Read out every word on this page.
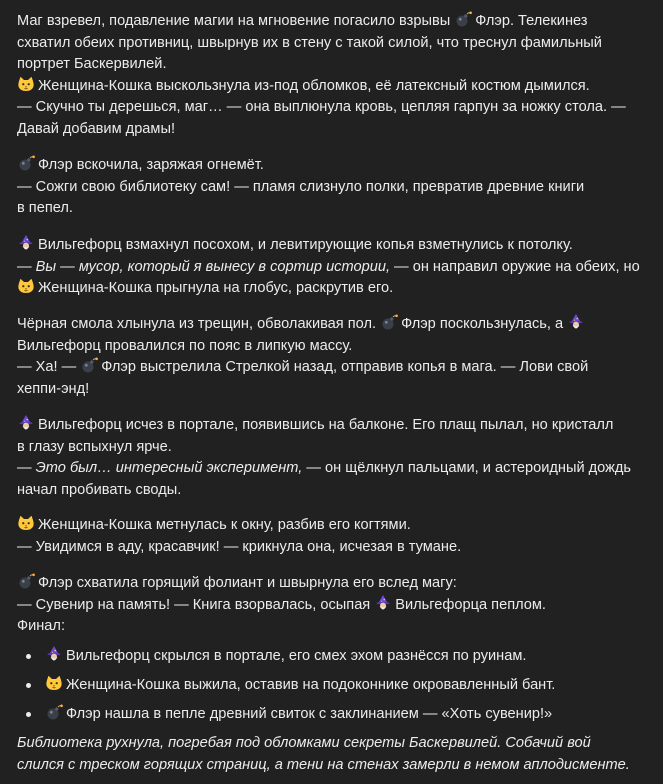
Маг взревел, подавление магии на мгновение погасило взрывы Флэр. Телекинез
схватил обеих противниц, швырнув их в стену с такой силой, что треснул фамильный
портрет Баскервилей.
Женщина-Кошка выскользнула из-под обломков, её латексный костюм дымился.
— Скучно ты дерешься, маг… — она выплюнула кровь, цепляя гарпун за ножку стола. —
Давай добавим драмы!
Флэр вскочила, заряжая огнемёт.
— Сожги свою библиотеку сам! — пламя слизнуло полки, превратив древние книги
в пепел.
Вильгефорц взмахнул посохом, и левитирующие копья взметнулись к потолку.
— Вы — мусор, который я вынесу в сортир истории, — он направил оружие на обеих, но
Женщина-Кошка прыгнула на глобус, раскрутив его.
Чёрная смола хлынула из трещин, обволакивая пол. Флэр поскользнулась, а
Вильгефорц провалился по пояс в липкую массу.
— Ха! — Флэр выстрелила Стрелкой назад, отправив копья в мага. — Лови свой
хеппи-энд!
Вильгефорц исчез в портале, появившись на балконе. Его плащ пылал, но кристалл
в глазу вспыхнул ярче.
— Это был… интересный эксперимент, — он щёлкнул пальцами, и астероидный дождь
начал пробивать своды.
Женщина-Кошка метнулась к окну, разбив его когтями.
— Увидимся в аду, красавчик! — крикнула она, исчезая в тумане.
Флэр схватила горящий фолиант и швырнула его вслед магу:
— Сувенир на память! — Книга взорвалась, осыпая Вильгефорца пеплом.
Финал:
Вильгефорц скрылся в портале, его смех эхом разнёсся по руинам.
Женщина-Кошка выжила, оставив на подоконнике окровавленный бант.
Флэр нашла в пепле древний свиток с заклинанием — «Хоть сувенир!»
Библиотека рухнула, погребая под обломками секреты Баскервилей. Собачий вой
слился с треском горящих страниц, а тени на стенах замерли в немом аплодисменте.
